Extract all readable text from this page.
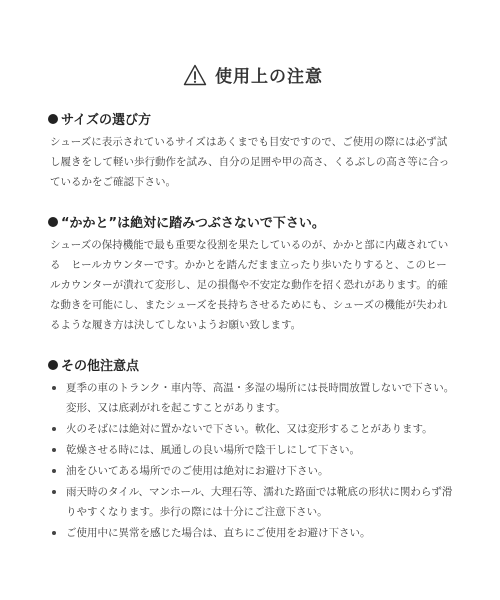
使用上の注意
サイズの選び方

シューズに表示されているサイズはあくまでも目安ですので、ご使用の際には必ず試し履きをして軽い歩行動作を試み、自分の足囲や甲の高さ、くるぶしの高さ等に合っているかをご確認下さい。

“かかと”は絶対に踏みつぶさないで下さい。

シューズの保持機能で最も重要な役割を果たしているのが、かかと部に内蔵されている　ヒールカウンターです。かかとを踏んだまま立ったり歩いたりすると、このヒールカウンターが潰れて変形し、足の損傷や不安定な動作を招く恐れがあります。的確な動きを可能にし、またシューズを長持ちさせるためにも、シューズの機能が失われるような履き方は決してしないようお願い致します。

その他注意点
夏季の車のトランク・車内等、高温・多湿の場所には長時間放置しないで下さい。変形、又は底剥がれを起こすことがあります。
火のそばには絶対に置かないで下さい。軟化、又は変形することがあります。
乾燥させる時には、風通しの良い場所で陰干しにして下さい。
油をひいてある場所でのご使用は絶対にお避け下さい。
雨天時のタイル、マンホール、大理石等、濡れた路面では靴底の形状に関わらず滑りやすくなります。歩行の際には十分にご注意下さい。
ご使用中に異常を感じた場合は、直ちにご使用をお避け下さい。
